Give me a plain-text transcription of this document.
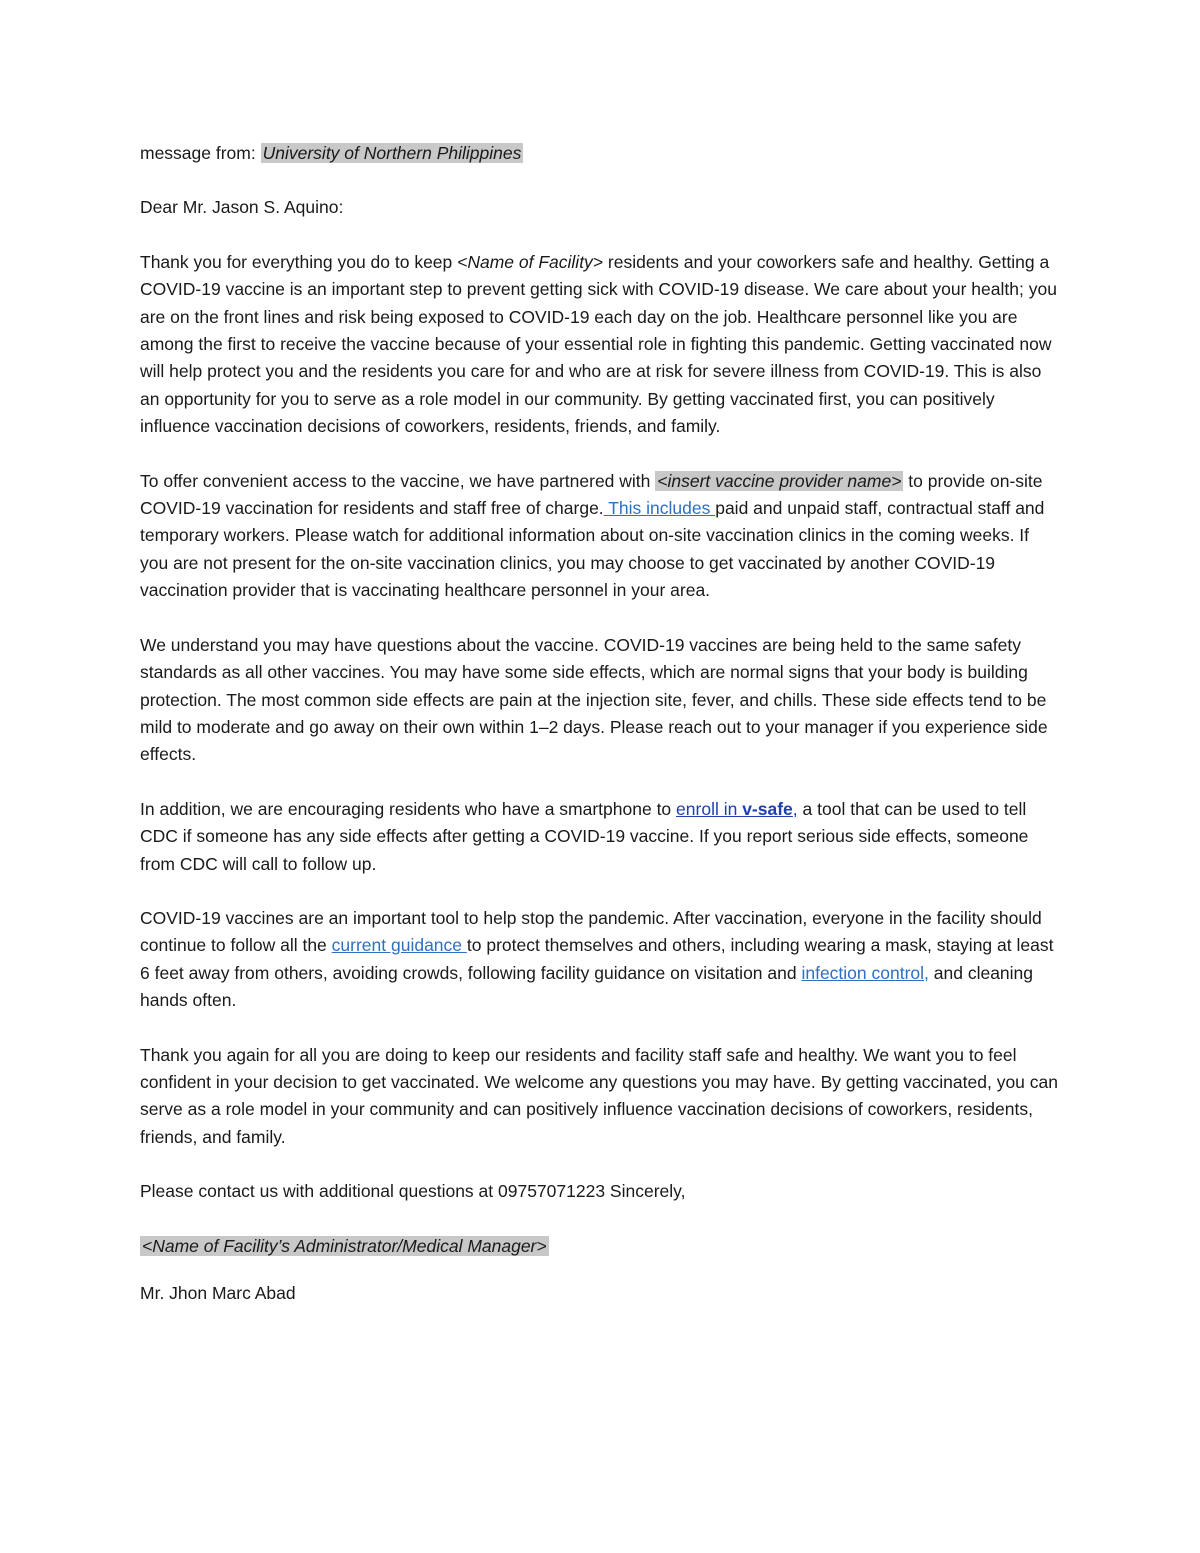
message from: University of Northern Philippines

Dear Mr. Jason S. Aquino:

Thank you for everything you do to keep <Name of Facility> residents and your coworkers safe and healthy. Getting a COVID-19 vaccine is an important step to prevent getting sick with COVID-19 disease. We care about your health; you are on the front lines and risk being exposed to COVID-19 each day on the job. Healthcare personnel like you are among the first to receive the vaccine because of your essential role in fighting this pandemic. Getting vaccinated now will help protect you and the residents you care for and who are at risk for severe illness from COVID-19. This is also an opportunity for you to serve as a role model in our community. By getting vaccinated first, you can positively influence vaccination decisions of coworkers, residents, friends, and family.

To offer convenient access to the vaccine, we have partnered with <insert vaccine provider name> to provide on-site COVID-19 vaccination for residents and staff free of charge. This includes paid and unpaid staff, contractual staff and temporary workers. Please watch for additional information about on-site vaccination clinics in the coming weeks. If you are not present for the on-site vaccination clinics, you may choose to get vaccinated by another COVID-19 vaccination provider that is vaccinating healthcare personnel in your area.

We understand you may have questions about the vaccine. COVID-19 vaccines are being held to the same safety standards as all other vaccines. You may have some side effects, which are normal signs that your body is building protection. The most common side effects are pain at the injection site, fever, and chills. These side effects tend to be mild to moderate and go away on their own within 1–2 days. Please reach out to your manager if you experience side effects.

In addition, we are encouraging residents who have a smartphone to enroll in v-safe, a tool that can be used to tell CDC if someone has any side effects after getting a COVID-19 vaccine. If you report serious side effects, someone from CDC will call to follow up.

COVID-19 vaccines are an important tool to help stop the pandemic. After vaccination, everyone in the facility should continue to follow all the current guidance to protect themselves and others, including wearing a mask, staying at least 6 feet away from others, avoiding crowds, following facility guidance on visitation and infection control, and cleaning hands often.

Thank you again for all you are doing to keep our residents and facility staff safe and healthy. We want you to feel confident in your decision to get vaccinated. We welcome any questions you may have. By getting vaccinated, you can serve as a role model in your community and can positively influence vaccination decisions of coworkers, residents, friends, and family.

Please contact us with additional questions at 09757071223 Sincerely,

<Name of Facility’s Administrator/Medical Manager>

Mr. Jhon Marc Abad
